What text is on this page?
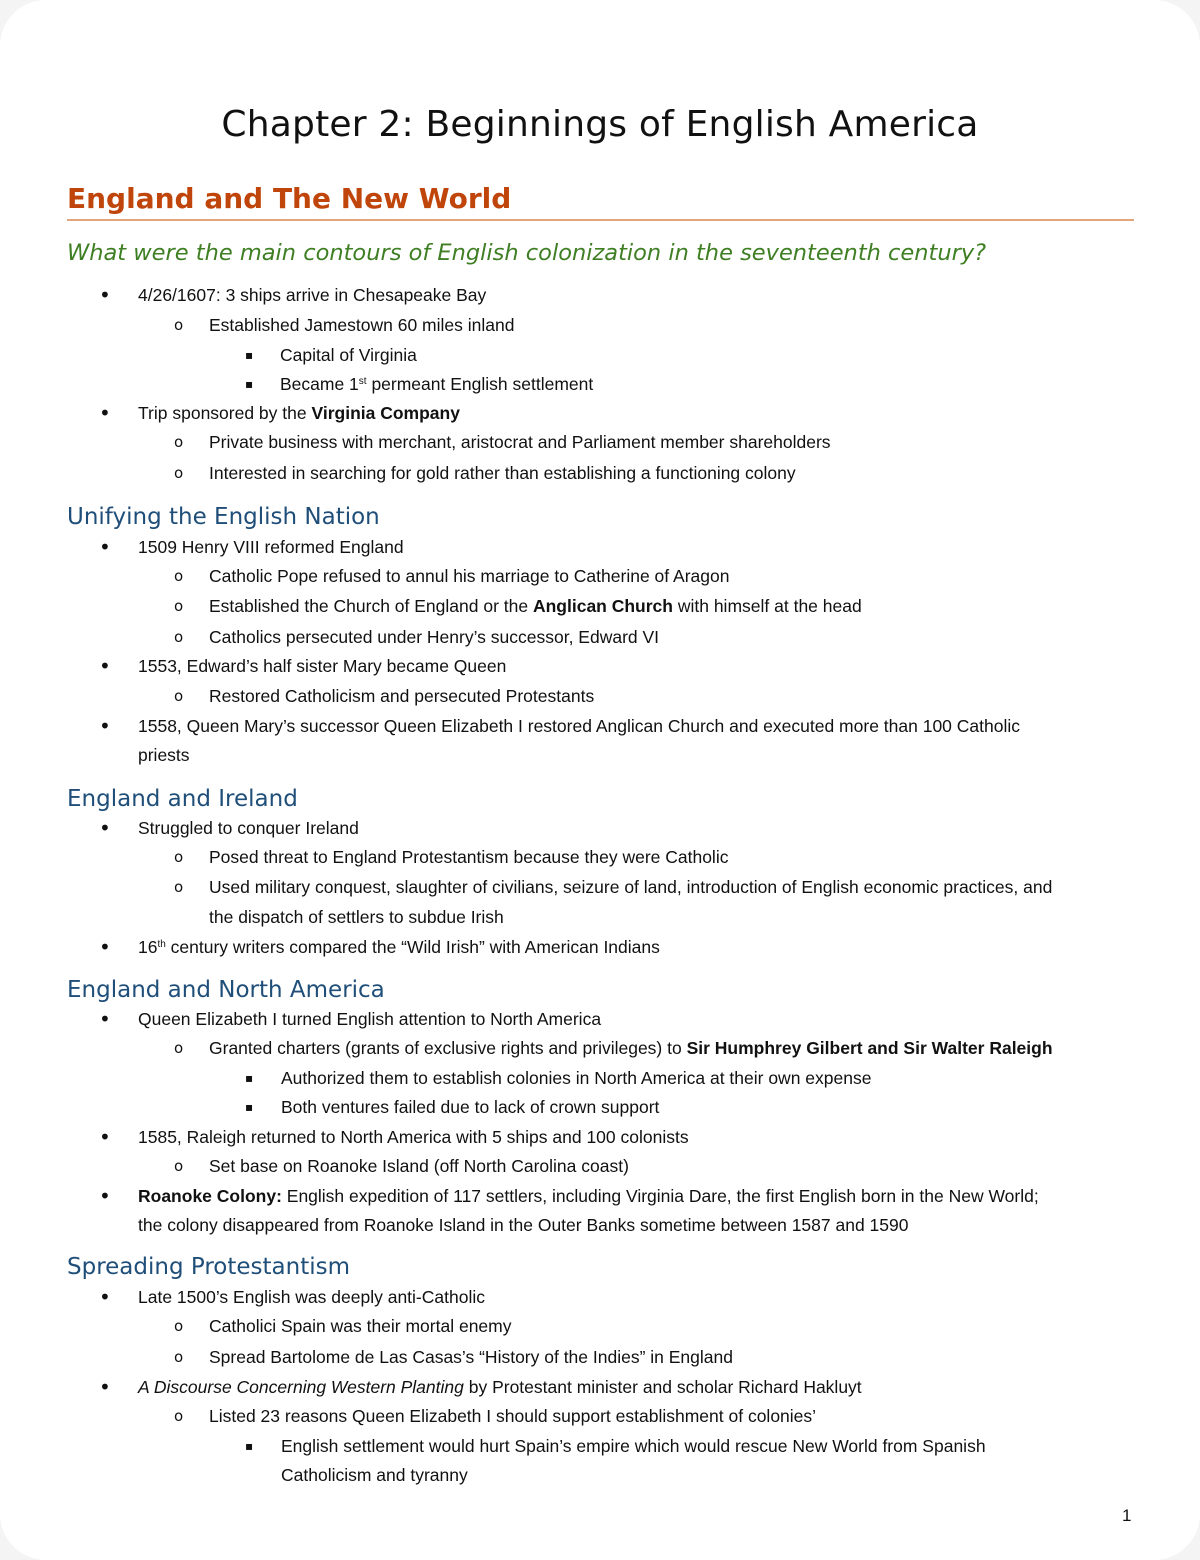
Chapter 2: Beginnings of English America
England and The New World
What were the main contours of English colonization in the seventeenth century?
• 4/26/1607: 3 ships arrive in Chesapeake Bay
o Established Jamestown 60 miles inland
▪ Capital of Virginia
▪ Became 1st permeant English settlement
• Trip sponsored by the Virginia Company
o Private business with merchant, aristocrat and Parliament member shareholders
o Interested in searching for gold rather than establishing a functioning colony
Unifying the English Nation
• 1509 Henry VIII reformed England
o Catholic Pope refused to annul his marriage to Catherine of Aragon
o Established the Church of England or the Anglican Church with himself at the head
o Catholics persecuted under Henry’s successor, Edward VI
• 1553, Edward’s half sister Mary became Queen
o Restored Catholicism and persecuted Protestants
• 1558, Queen Mary’s successor Queen Elizabeth I restored Anglican Church and executed more than 100 Catholic
priests
England and Ireland
• Struggled to conquer Ireland
o Posed threat to England Protestantism because they were Catholic
o Used military conquest, slaughter of civilians, seizure of land, introduction of English economic practices, and
the dispatch of settlers to subdue Irish
• 16th century writers compared the “Wild Irish” with American Indians
England and North America
• Queen Elizabeth I turned English attention to North America
o Granted charters (grants of exclusive rights and privileges) to Sir Humphrey Gilbert and Sir Walter Raleigh
▪ Authorized them to establish colonies in North America at their own expense
▪ Both ventures failed due to lack of crown support
• 1585, Raleigh returned to North America with 5 ships and 100 colonists
o Set base on Roanoke Island (off North Carolina coast)
• Roanoke Colony: English expedition of 117 settlers, including Virginia Dare, the first English born in the New World;
the colony disappeared from Roanoke Island in the Outer Banks sometime between 1587 and 1590
Spreading Protestantism
• Late 1500’s English was deeply anti-Catholic
o Catholici Spain was their mortal enemy
o Spread Bartolome de Las Casas’s “History of the Indies” in England
• A Discourse Concerning Western Planting by Protestant minister and scholar Richard Hakluyt
o Listed 23 reasons Queen Elizabeth I should support establishment of colonies’
▪ English settlement would hurt Spain’s empire which would rescue New World from Spanish
Catholicism and tyranny
1
